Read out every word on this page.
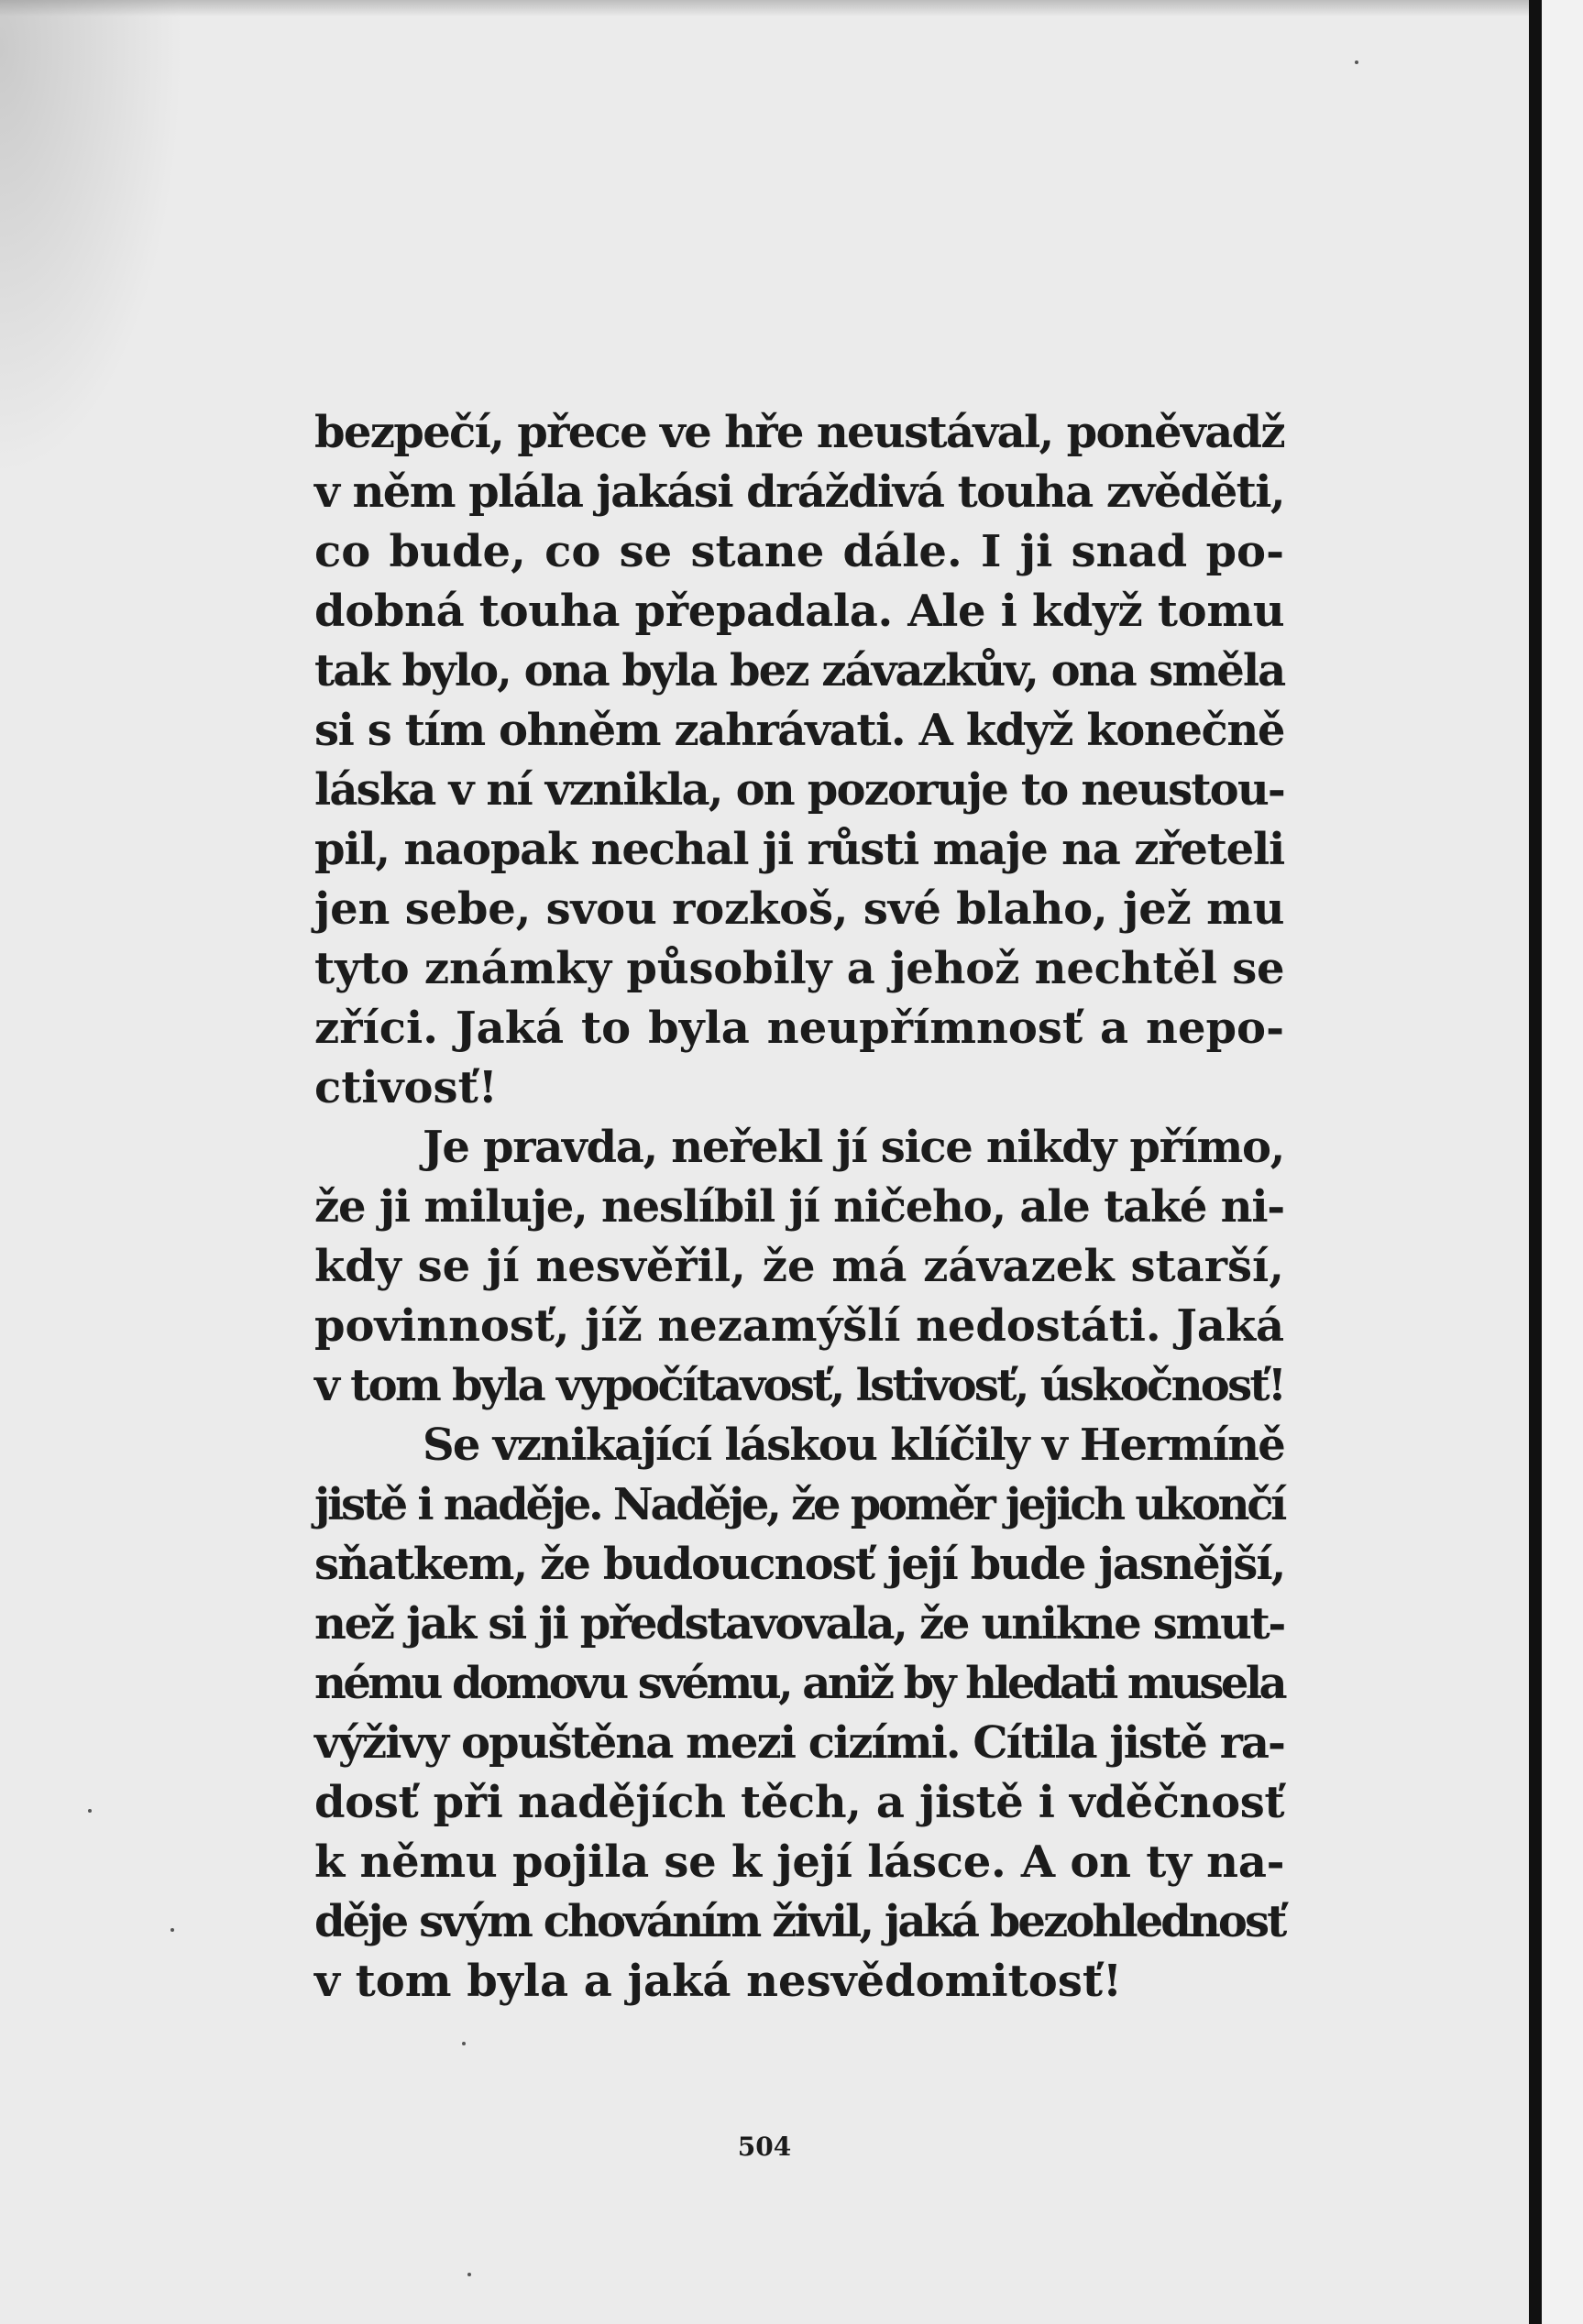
bezpečí, přece ve hře neustával, poněvadž
v něm plála jakási dráždivá touha zvěděti,
co bude, co se stane dále. I ji snad po-
dobná touha přepadala. Ale i když tomu
tak bylo, ona byla bez závazkův, ona směla
si s tím ohněm zahrávati. A když konečně
láska v ní vznikla, on pozoruje to neustou-
pil, naopak nechal ji růsti maje na zřeteli
jen sebe, svou rozkoš, své blaho, jež mu
tyto známky působily a jehož nechtěl se
zříci. Jaká to byla neupřímnosť a nepo-
ctivosť!
Je pravda, neřekl jí sice nikdy přímo,
že ji miluje, neslíbil jí ničeho, ale také ni-
kdy se jí nesvěřil, že má závazek starší,
povinnosť, jíž nezamýšlí nedostáti. Jaká
v tom byla vypočítavosť, lstivosť, úskočnosť!
Se vznikající láskou klíčily v Hermíně
jistě i naděje. Naděje, že poměr jejich ukončí
sňatkem, že budoucnosť její bude jasnější,
než jak si ji představovala, že unikne smut-
nému domovu svému, aniž by hledati musela
výživy opuštěna mezi cizími. Cítila jistě ra-
dosť při nadějích těch, a jistě i vděčnosť
k němu pojila se k její lásce. A on ty na-
děje svým chováním živil, jaká bezohlednosť
v tom byla a jaká nesvědomitosť!

504
